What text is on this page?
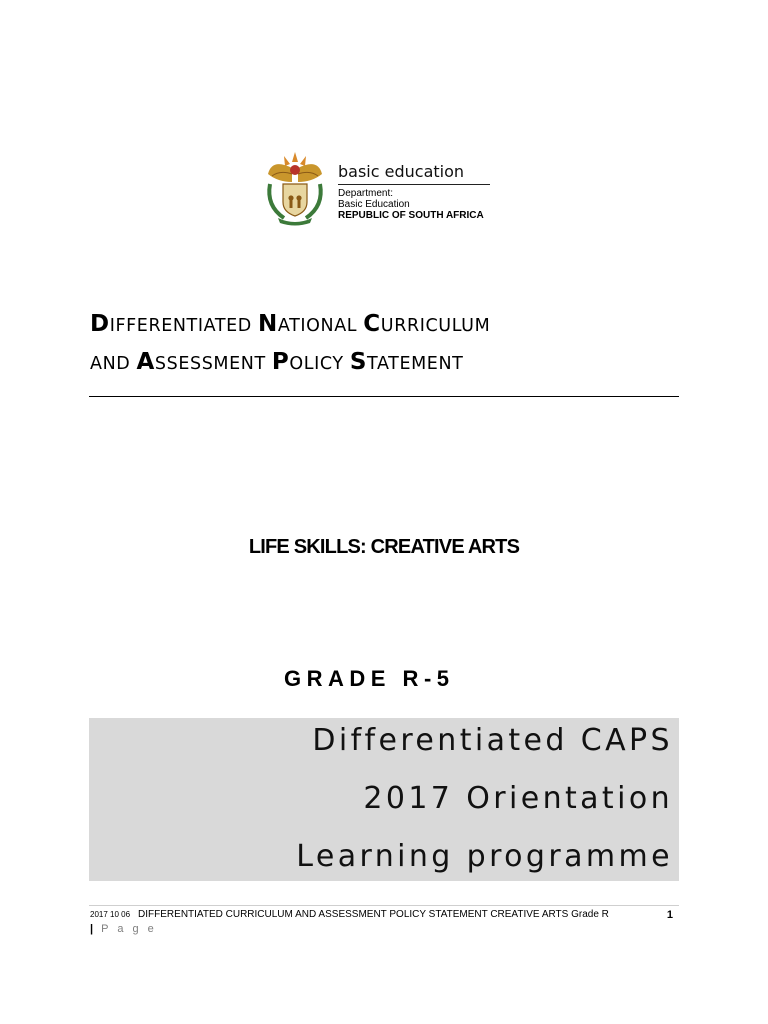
basic education
Department:
Basic Education
REPUBLIC OF SOUTH AFRICA
DIFFERENTIATED NATIONAL CURRICULUM
AND ASSESSMENT POLICY STATEMENT
LIFE SKILLS: CREATIVE ARTS
GRADE R-5
Differentiated CAPS
2017 Orientation
Learning programme
2017 10 06 DIFFERENTIATED CURRICULUM AND ASSESSMENT POLICY STATEMENT CREATIVE ARTS Grade R	1
| P a g e
